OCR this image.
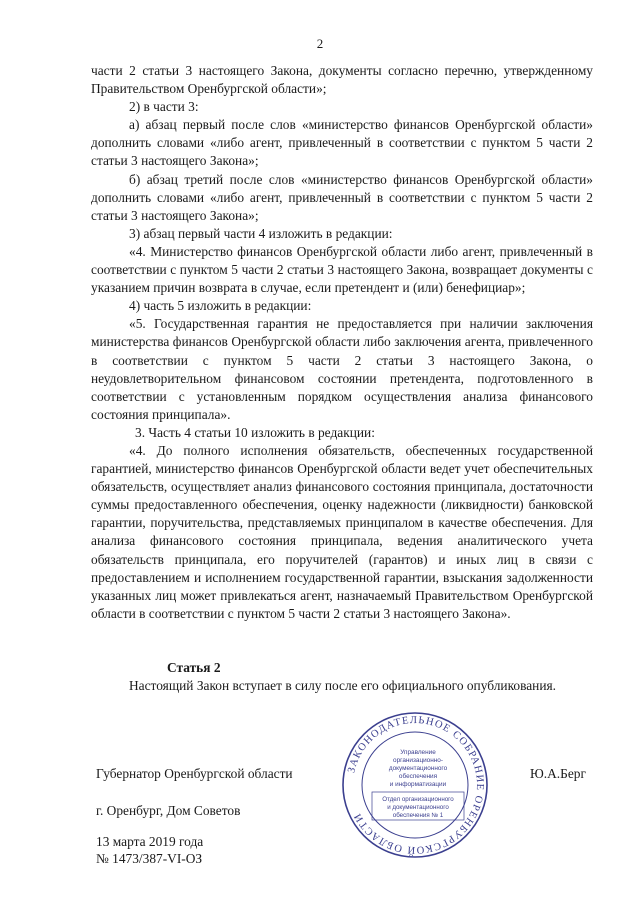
2

части 2 статьи 3 настоящего Закона, документы согласно перечню, утвержденному Правительством Оренбургской области»;

2) в части 3:

а) абзац первый после слов «министерство финансов Оренбургской области» дополнить словами «либо агент, привлеченный в соответствии с пунктом 5 части 2 статьи 3 настоящего Закона»;

б) абзац третий после слов «министерство финансов Оренбургской области» дополнить словами «либо агент, привлеченный в соответствии с пунктом 5 части 2 статьи 3 настоящего Закона»;

3) абзац первый части 4 изложить в редакции:

«4. Министерство финансов Оренбургской области либо агент, привлеченный в соответствии с пунктом 5 части 2 статьи 3 настоящего Закона, возвращает документы с указанием причин возврата в случае, если претендент и (или) бенефициар»;

4) часть 5 изложить в редакции:

«5. Государственная гарантия не предоставляется при наличии заключения министерства финансов Оренбургской области либо заключения агента, привлеченного в соответствии с пунктом 5 части 2 статьи 3 настоящего Закона, о неудовлетворительном финансовом состоянии претендента, подготовленного в соответствии с установленным порядком осуществления анализа финансового состояния принципала».

3. Часть 4 статьи 10 изложить в редакции:

«4. До полного исполнения обязательств, обеспеченных государственной гарантией, министерство финансов Оренбургской области ведет учет обеспечительных обязательств, осуществляет анализ финансового состояния принципала, достаточности суммы предоставленного обеспечения, оценку надежности (ликвидности) банковской гарантии, поручительства, представляемых принципалом в качестве обеспечения. Для анализа финансового состояния принципала, ведения аналитического учета обязательств принципала, его поручителей (гарантов) и иных лиц в связи с предоставлением и исполнением государственной гарантии, взыскания задолженности указанных лиц может привлекаться агент, назначаемый Правительством Оренбургской области в соответствии с пунктом 5 части 2 статьи 3 настоящего Закона».

Статья 2

Настоящий Закон вступает в силу после его официального опубликования.

ЗАКОНОДАТЕЛЬНОЕ СОБРАНИЕ ОРЕНБУРГСКОЙ ОБЛАСТИ
Управление
организационно-
документационного
обеспечения
и информатизации
Отдел организационного
и документационного
обеспечения № 1
Губернатор Оренбургской области	Ю.А.Берг
г. Оренбург, Дом Советов
13 марта 2019 года
№ 1473/387-VI-ОЗ
